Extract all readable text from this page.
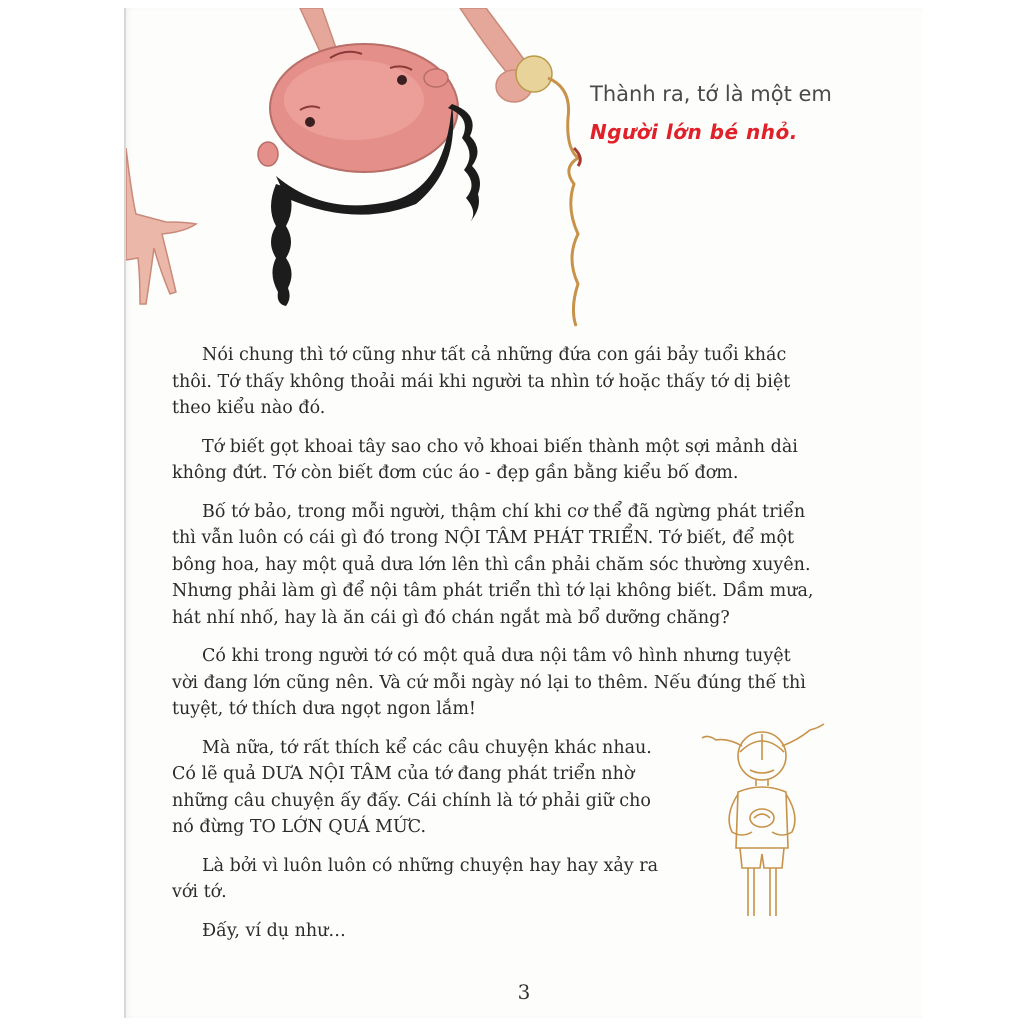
Thành ra, tớ là một em
Người lớn bé nhỏ.

Nói chung thì tớ cũng như tất cả những đứa con gái bảy tuổi khác thôi. Tớ thấy không thoải mái khi người ta nhìn tớ hoặc thấy tớ dị biệt theo kiểu nào đó.

Tớ biết gọt khoai tây sao cho vỏ khoai biến thành một sợi mảnh dài không đứt. Tớ còn biết đơm cúc áo - đẹp gần bằng kiểu bố đơm.

Bố tớ bảo, trong mỗi người, thậm chí khi cơ thể đã ngừng phát triển thì vẫn luôn có cái gì đó trong NỘI TÂM PHÁT TRIỂN. Tớ biết, để một bông hoa, hay một quả dưa lớn lên thì cần phải chăm sóc thường xuyên. Nhưng phải làm gì để nội tâm phát triển thì tớ lại không biết. Dầm mưa, hát nhí nhố, hay là ăn cái gì đó chán ngắt mà bổ dưỡng chăng?

Có khi trong người tớ có một quả dưa nội tâm vô hình nhưng tuyệt vời đang lớn cũng nên. Và cứ mỗi ngày nó lại to thêm. Nếu đúng thế thì tuyệt, tớ thích dưa ngọt ngon lắm!

Mà nữa, tớ rất thích kể các câu chuyện khác nhau. Có lẽ quả DƯA NỘI TÂM của tớ đang phát triển nhờ những câu chuyện ấy đấy. Cái chính là tớ phải giữ cho nó đừng TO LỚN QUÁ MỨC.

Là bởi vì luôn luôn có những chuyện hay hay xảy ra với tớ.

Đấy, ví dụ như…

3
